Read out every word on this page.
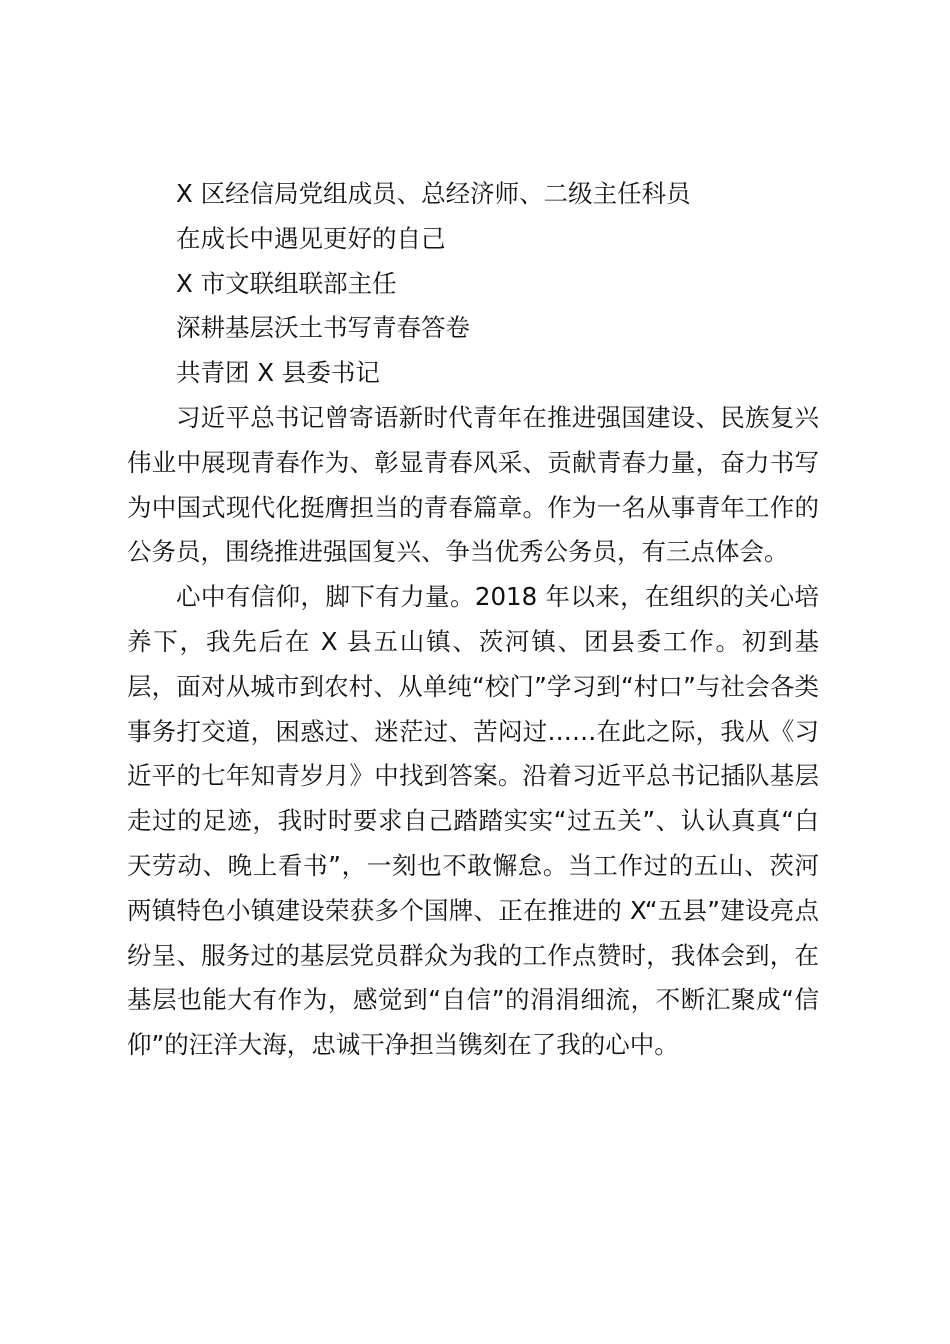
X 区经信局党组成员、总经济师、二级主任科员

在成长中遇见更好的自己

X 市文联组联部主任

深耕基层沃土书写青春答卷

共青团 X 县委书记

习近平总书记曾寄语新时代青年在推进强国建设、民族复兴伟业中展现青春作为、彰显青春风采、贡献青春力量，奋力书写为中国式现代化挺膺担当的青春篇章。作为一名从事青年工作的公务员，围绕推进强国复兴、争当优秀公务员，有三点体会。

心中有信仰，脚下有力量。2018 年以来，在组织的关心培养下，我先后在 X 县五山镇、茨河镇、团县委工作。初到基层，面对从城市到农村、从单纯“校门”学习到“村口”与社会各类事务打交道，困惑过、迷茫过、苦闷过……在此之际，我从《习近平的七年知青岁月》中找到答案。沿着习近平总书记插队基层走过的足迹，我时时要求自己踏踏实实“过五关”、认认真真“白天劳动、晚上看书”，一刻也不敢懈怠。当工作过的五山、茨河两镇特色小镇建设荣获多个国牌、正在推进的 X“五县”建设亮点纷呈、服务过的基层党员群众为我的工作点赞时，我体会到，在基层也能大有作为，感觉到“自信”的涓涓细流，不断汇聚成“信仰”的汪洋大海，忠诚干净担当镌刻在了我的心中。
